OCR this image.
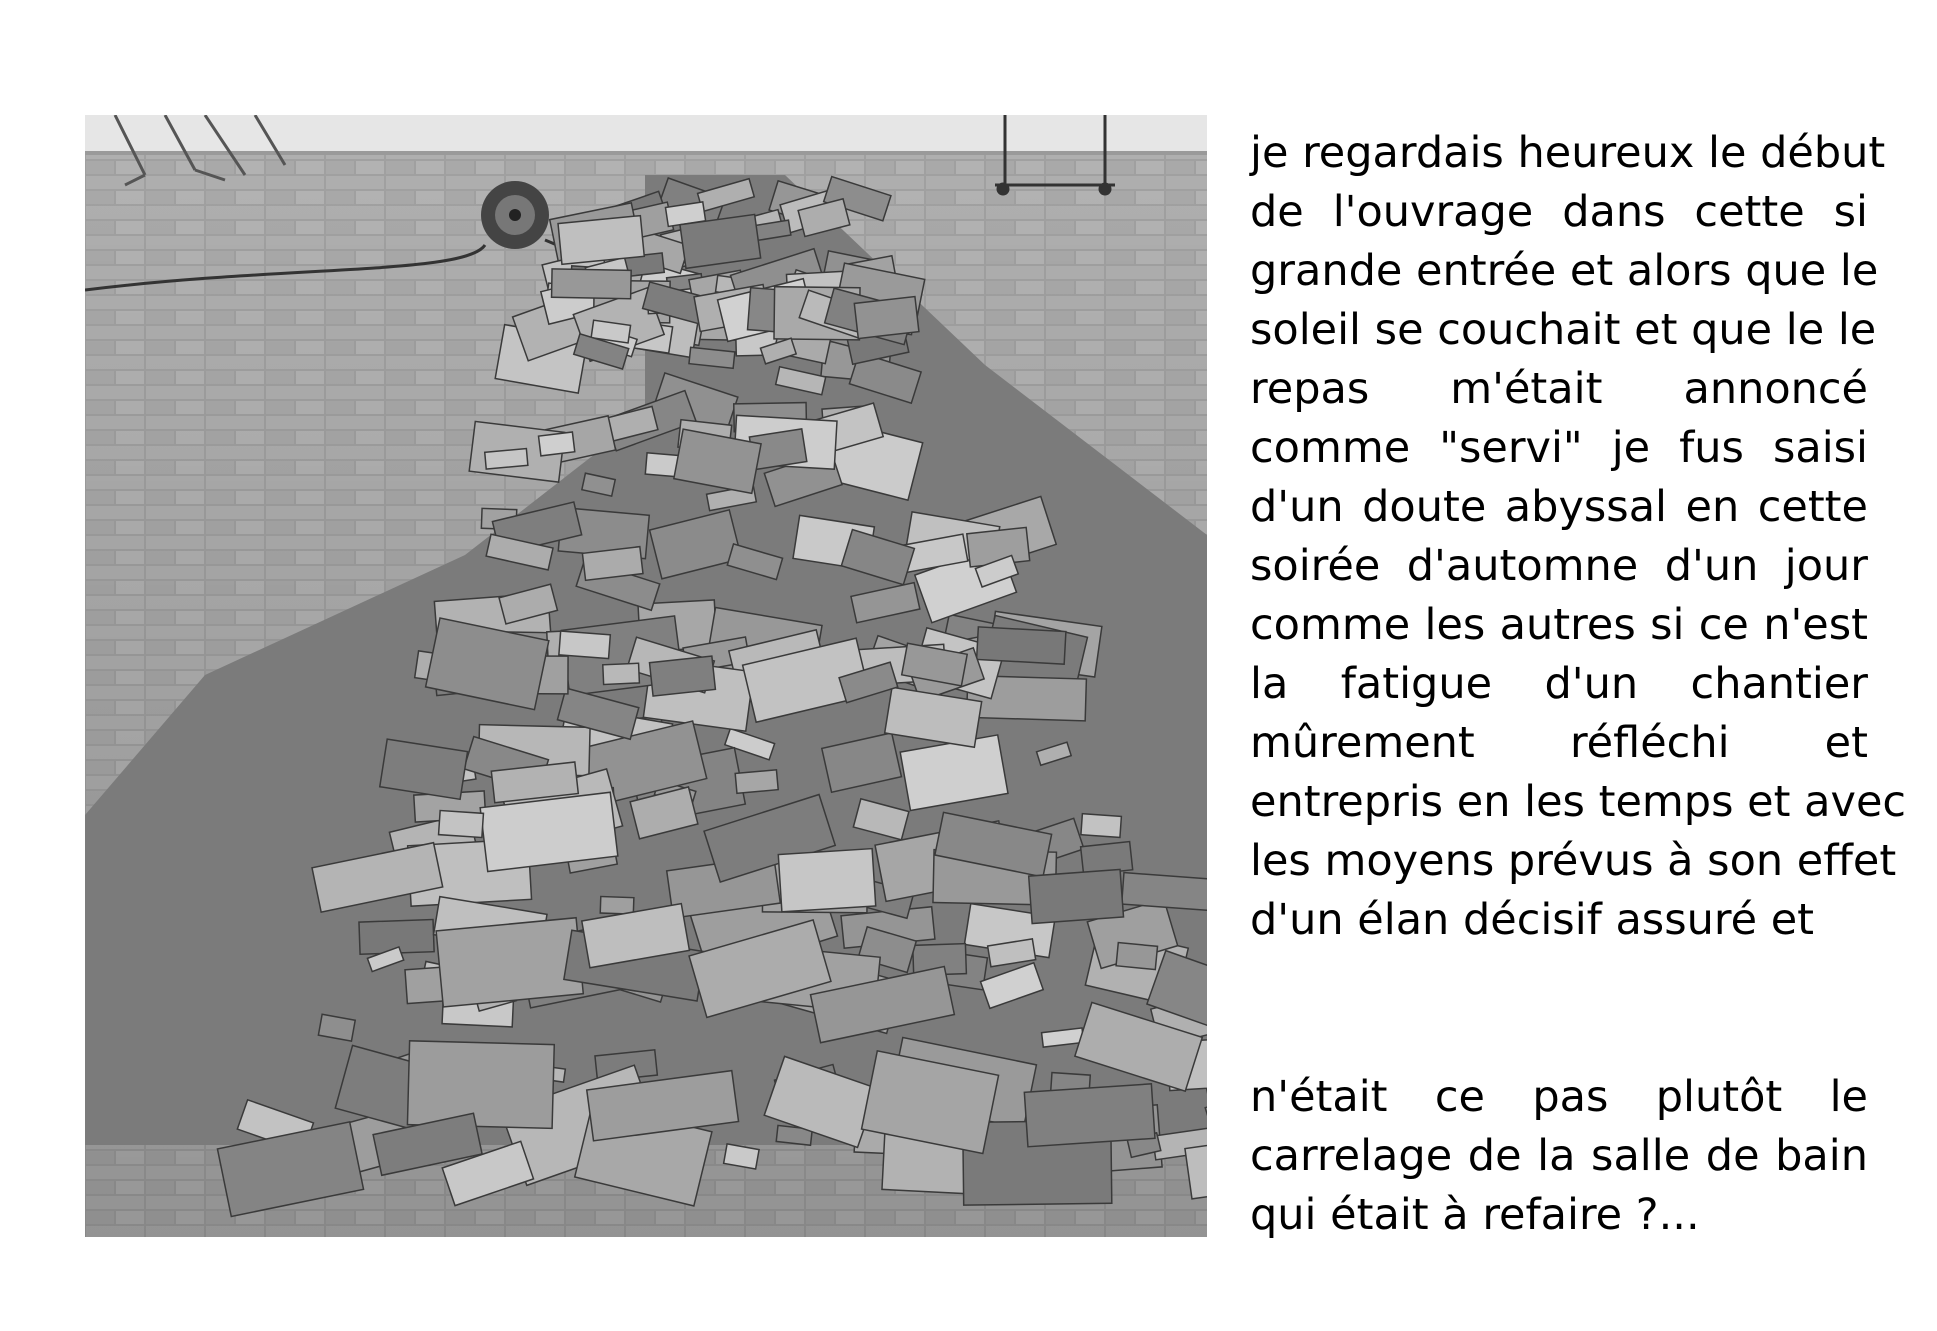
je regardais heureux le début
de l'ouvrage dans cette si
grande entrée et alors que le
soleil se couchait et que le le
repas m'était annoncé
comme "servi" je fus saisi
d'un doute abyssal en cette
soirée d'automne d'un jour
comme les autres si ce n'est
la fatigue d'un chantier
mûrement réfléchi et
entrepris en les temps et avec
les moyens prévus à son effet
d'un élan décisif assuré et
n'était ce pas plutôt le
carrelage de la salle de bain
qui était à refaire ?...
